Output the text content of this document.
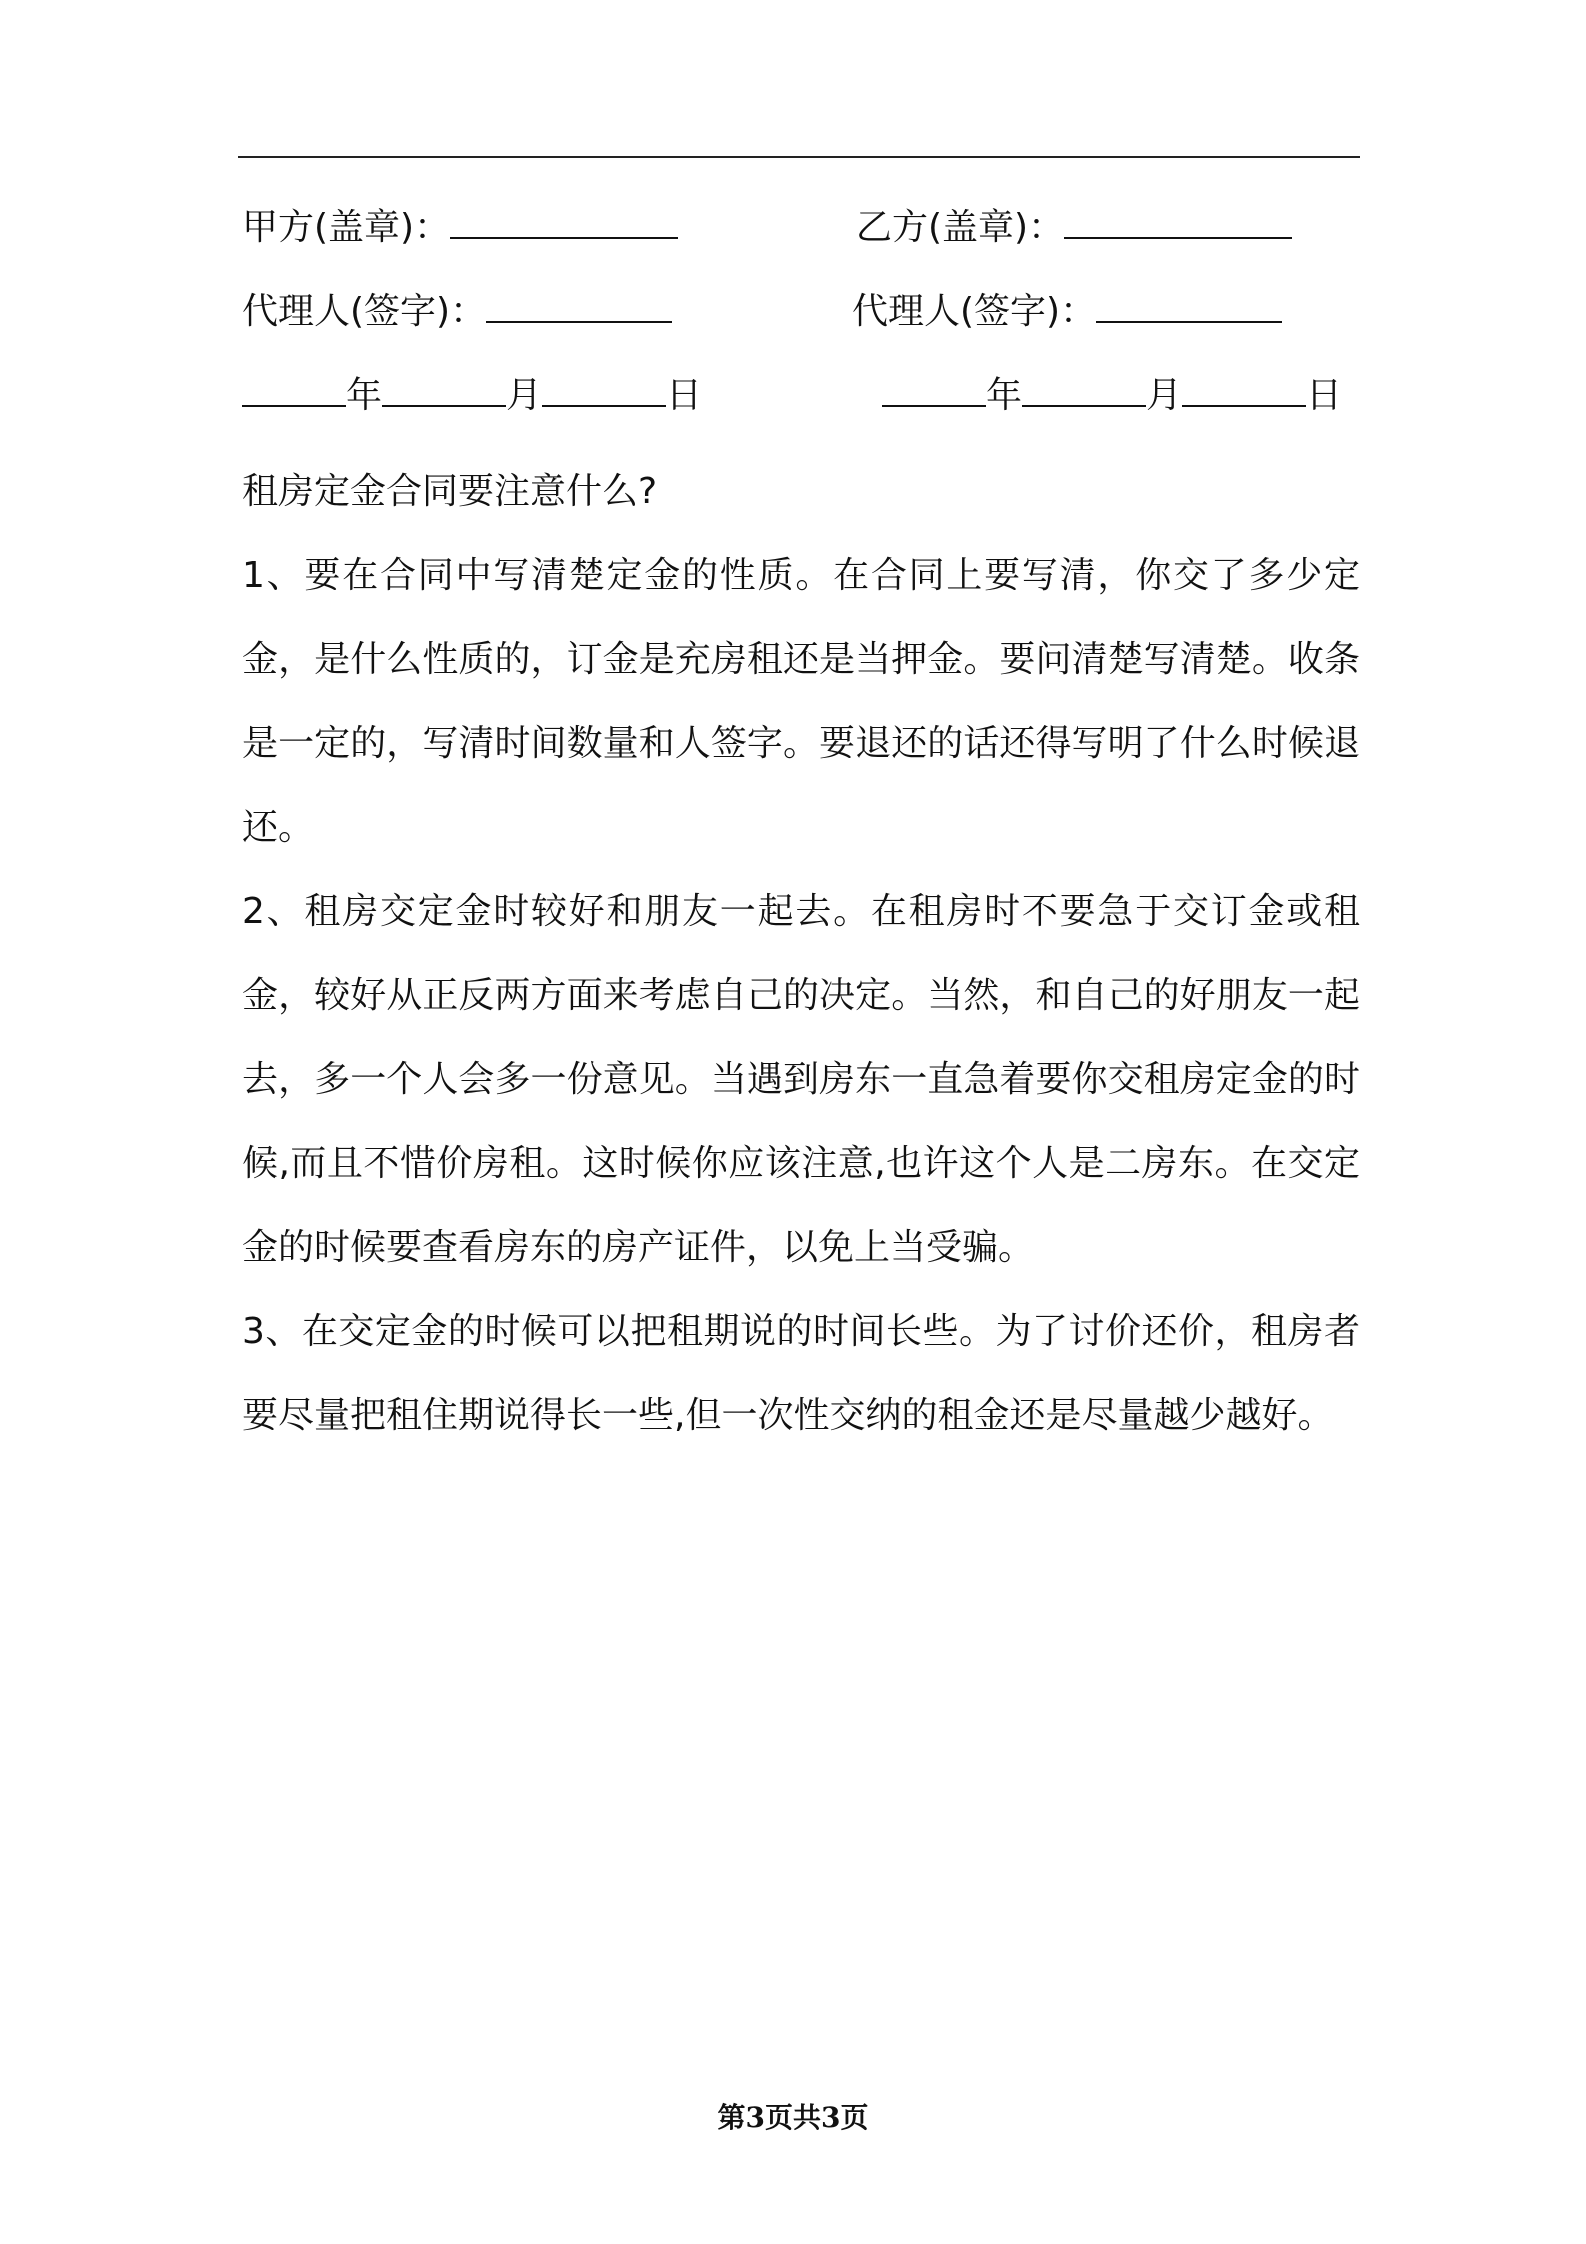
甲方(盖章)：	乙方(盖章)：
代理人(签字)：	代理人(签字)：
年	月	日	年	月	日

租房定金合同要注意什么?

1、要在合同中写清楚定金的性质。在合同上要写清，你交了多少定金，是什么性质的，订金是充房租还是当押金。要问清楚写清楚。收条是一定的，写清时间数量和人签字。要退还的话还得写明了什么时候退还。

2、租房交定金时较好和朋友一起去。在租房时不要急于交订金或租金，较好从正反两方面来考虑自己的决定。当然，和自己的好朋友一起去，多一个人会多一份意见。当遇到房东一直急着要你交租房定金的时候,而且不惜价房租。这时候你应该注意,也许这个人是二房东。在交定金的时候要查看房东的房产证件，以免上当受骗。

3、在交定金的时候可以把租期说的时间长些。为了讨价还价，租房者要尽量把租住期说得长一些,但一次性交纳的租金还是尽量越少越好。

第3页共3页
